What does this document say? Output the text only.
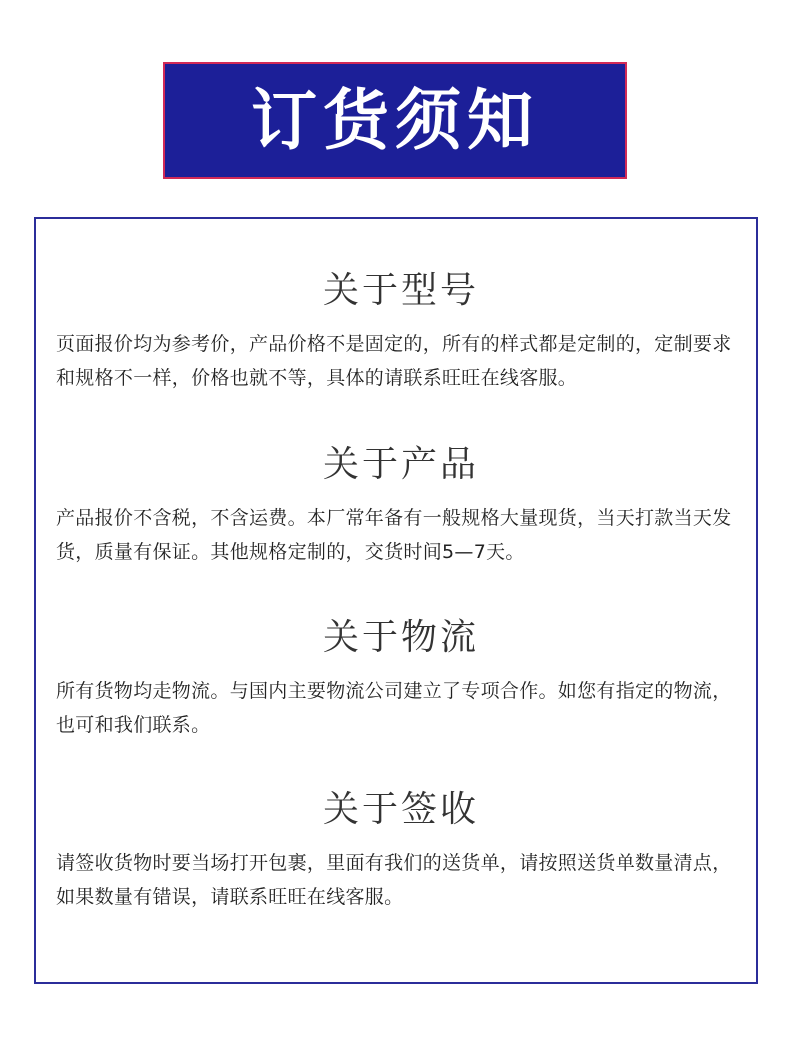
订货须知
关于型号

页面报价均为参考价，产品价格不是固定的，所有的样式都是定制的，定制要求和规格不一样，价格也就不等，具体的请联系旺旺在线客服。

关于产品

产品报价不含税，不含运费。本厂常年备有一般规格大量现货，当天打款当天发货，质量有保证。其他规格定制的，交货时间5—7天。

关于物流

所有货物均走物流。与国内主要物流公司建立了专项合作。如您有指定的物流，也可和我们联系。

关于签收

请签收货物时要当场打开包裹，里面有我们的送货单，请按照送货单数量清点，如果数量有错误，请联系旺旺在线客服。
